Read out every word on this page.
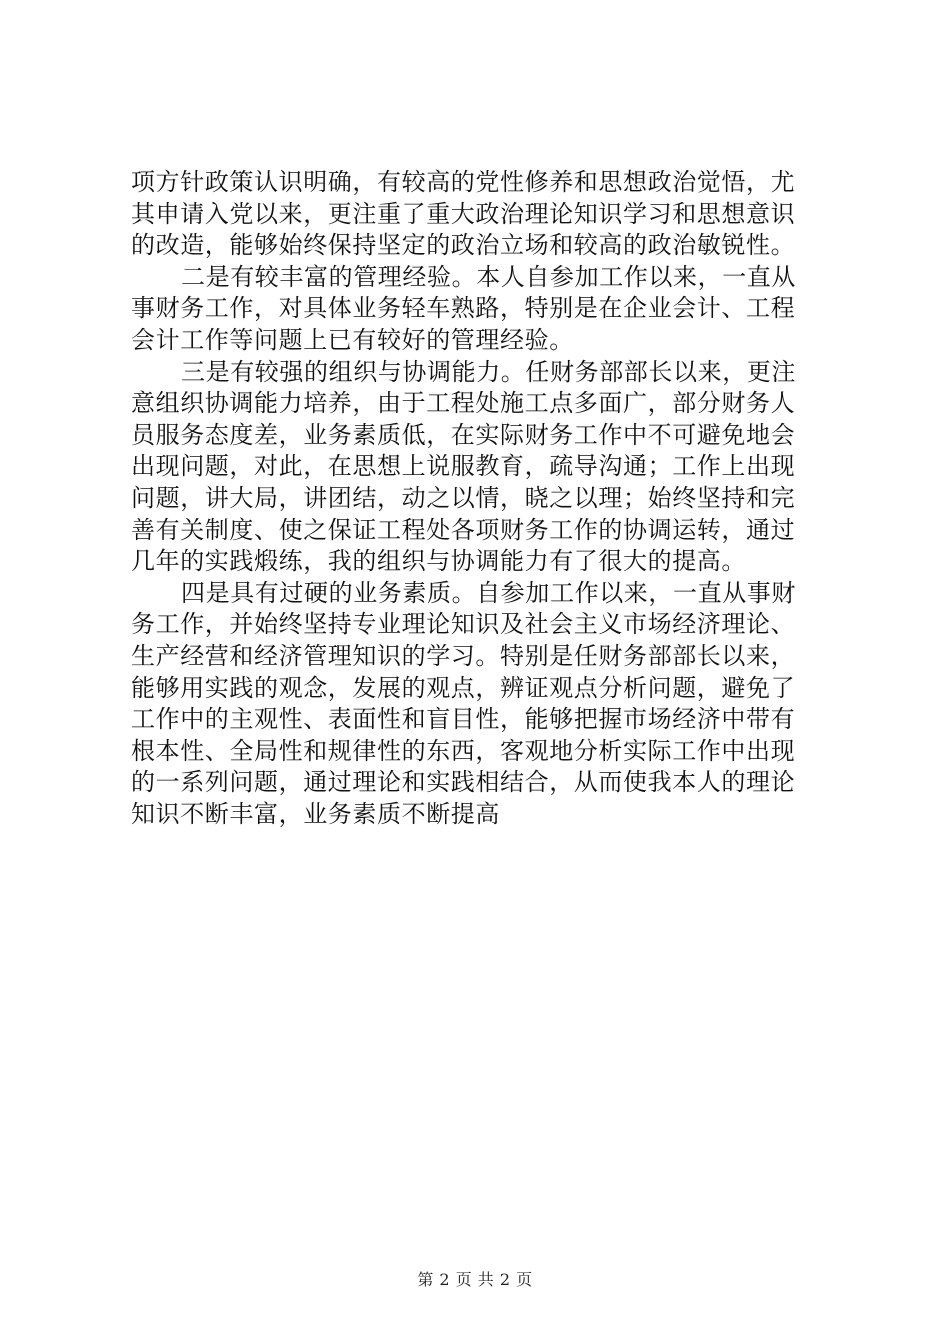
项方针政策认识明确，有较高的党性修养和思想政治觉悟，尤
其申请入党以来，更注重了重大政治理论知识学习和思想意识
的改造，能够始终保持坚定的政治立场和较高的政治敏锐性。
二是有较丰富的管理经验。本人自参加工作以来，一直从
事财务工作，对具体业务轻车熟路，特别是在企业会计、工程
会计工作等问题上已有较好的管理经验。
三是有较强的组织与协调能力。任财务部部长以来，更注
意组织协调能力培养，由于工程处施工点多面广，部分财务人
员服务态度差，业务素质低，在实际财务工作中不可避免地会
出现问题，对此，在思想上说服教育，疏导沟通；工作上出现
问题，讲大局，讲团结，动之以情，晓之以理；始终坚持和完
善有关制度、使之保证工程处各项财务工作的协调运转，通过
几年的实践煅练，我的组织与协调能力有了很大的提高。
四是具有过硬的业务素质。自参加工作以来，一直从事财
务工作，并始终坚持专业理论知识及社会主义市场经济理论、
生产经营和经济管理知识的学习。特别是任财务部部长以来，
能够用实践的观念，发展的观点，辨证观点分析问题，避免了
工作中的主观性、表面性和盲目性，能够把握市场经济中带有
根本性、全局性和规律性的东西，客观地分析实际工作中出现
的一系列问题，通过理论和实践相结合，从而使我本人的理论
知识不断丰富，业务素质不断提高
第 2 页 共 2 页
